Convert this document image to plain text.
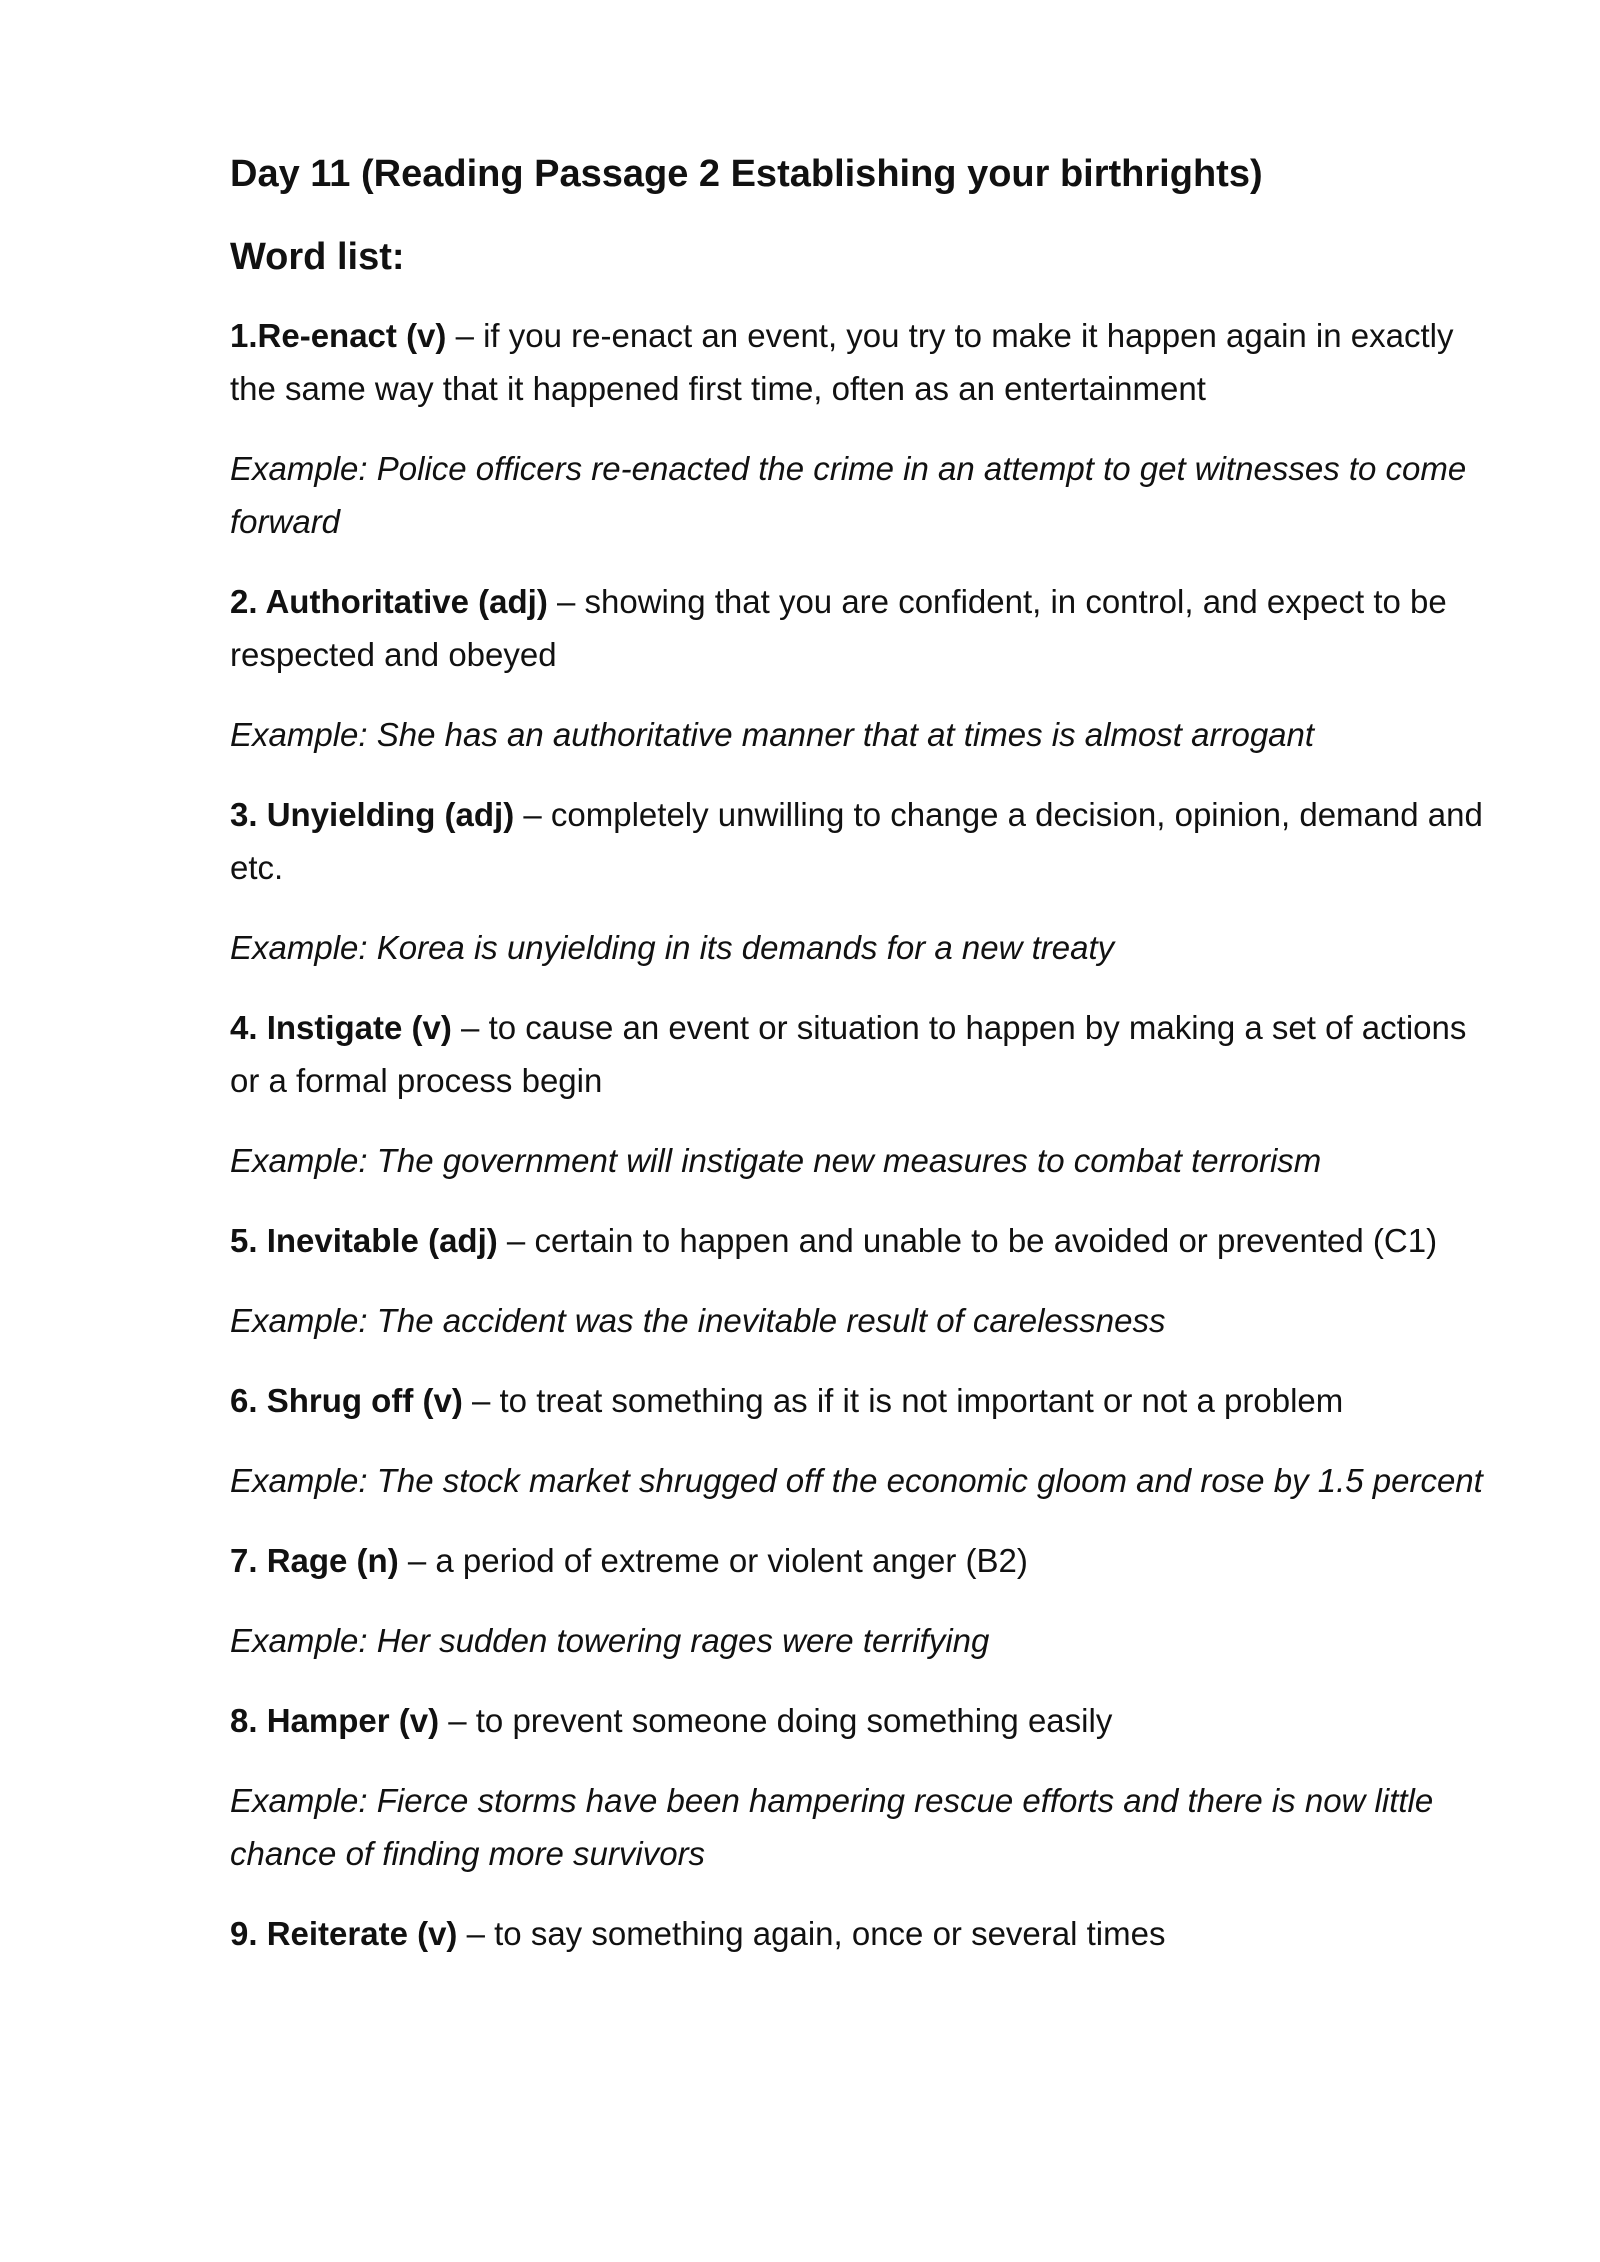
Day 11 (Reading Passage 2 Establishing your birthrights)
Word list:

1.Re-enact (v) – if you re-enact an event, you try to make it happen again in exactly the same way that it happened first time, often as an entertainment

Example: Police officers re-enacted the crime in an attempt to get witnesses to come forward

2. Authoritative (adj) – showing that you are confident, in control, and expect to be respected and obeyed

Example: She has an authoritative manner that at times is almost arrogant

3. Unyielding (adj) – completely unwilling to change a decision, opinion, demand and etc.

Example: Korea is unyielding in its demands for a new treaty

4. Instigate (v) – to cause an event or situation to happen by making a set of actions or a formal process begin

Example: The government will instigate new measures to combat terrorism

5. Inevitable (adj) – certain to happen and unable to be avoided or prevented (C1)

Example: The accident was the inevitable result of carelessness

6. Shrug off (v) – to treat something as if it is not important or not a problem

Example: The stock market shrugged off the economic gloom and rose by 1.5 percent

7. Rage (n) – a period of extreme or violent anger (B2)

Example: Her sudden towering rages were terrifying

8. Hamper (v) – to prevent someone doing something easily

Example: Fierce storms have been hampering rescue efforts and there is now little chance of finding more survivors

9. Reiterate (v) – to say something again, once or several times
